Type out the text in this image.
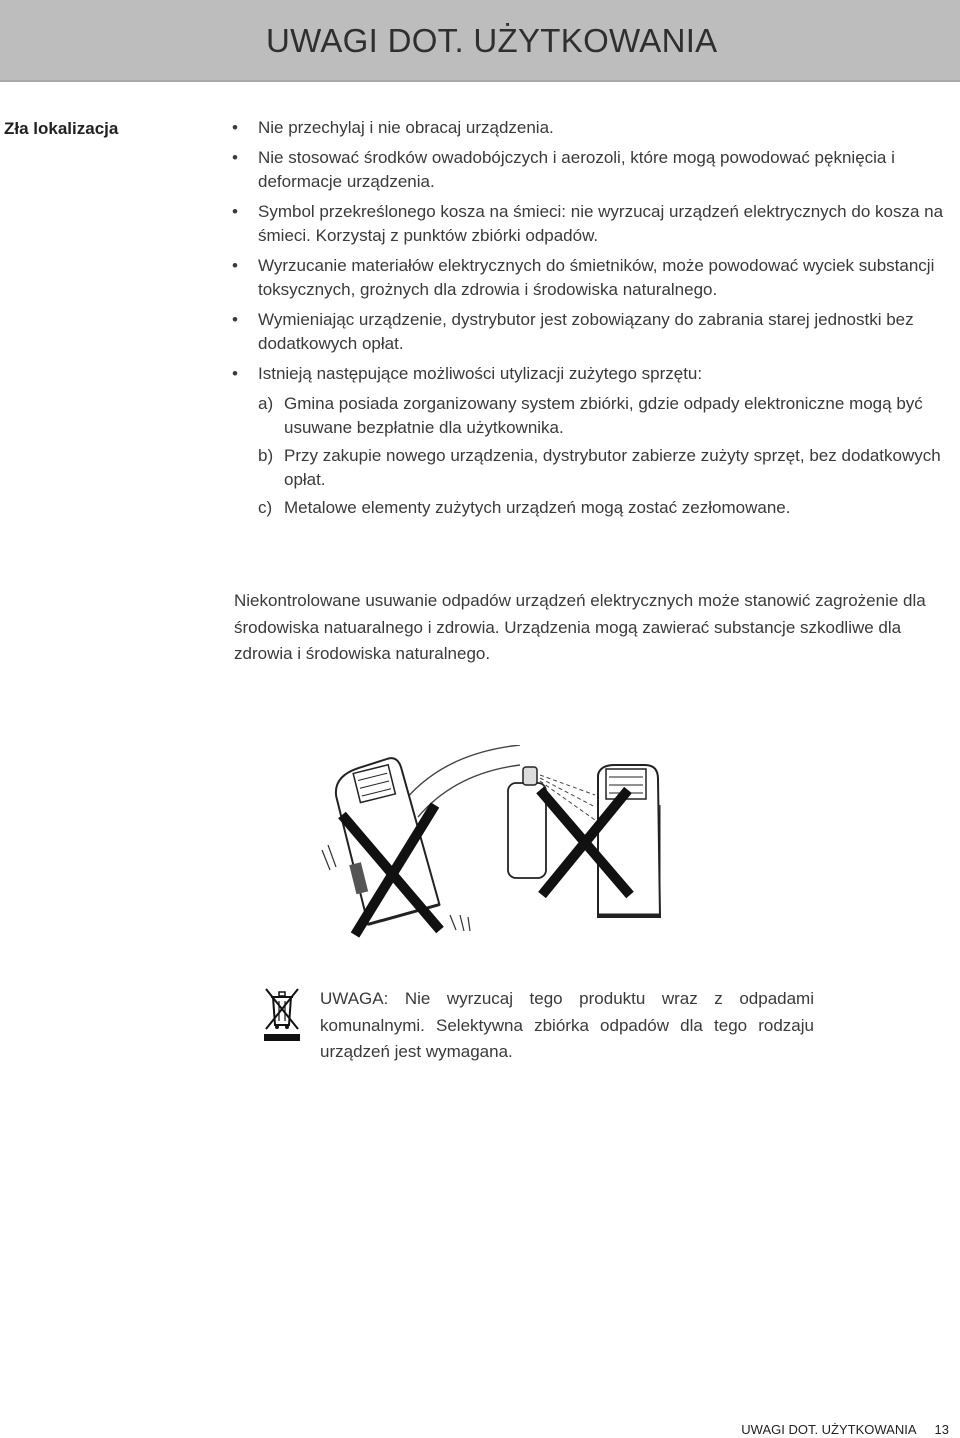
UWAGI DOT. UŻYTKOWANIA
Zła lokalizacja	• Nie przechylaj i nie obracaj urządzenia.
• Nie stosować środków owadobójczych i aerozoli, które mogą powodować pęknięcia i deformacje urządzenia.
• Symbol przekreślonego kosza na śmieci: nie wyrzucaj urządzeń elektrycznych do kosza na śmieci. Korzystaj z punktów zbiórki odpadów.
• Wyrzucanie materiałów elektrycznych do śmietników, może powodować wyciek substancji toksycznych, grożnych dla zdrowia i środowiska naturalnego.
• Wymieniając urządzenie, dystrybutor jest zobowiązany do zabrania starej jednostki bez dodatkowych opłat.
• Istnieją następujące możliwości utylizacji zużytego sprzętu:
a) Gmina posiada zorganizowany system zbiórki, gdzie odpady elektroniczne mogą być usuwane bezpłatnie dla użytkownika.
b) Przy zakupie nowego urządzenia, dystrybutor zabierze zużyty sprzęt, bez dodatkowych opłat.
c) Metalowe elementy zużytych urządzeń mogą zostać zezłomowane.
Niekontrolowane usuwanie odpadów urządzeń elektrycznych może stanowić zagrożenie dla środowiska natuaralnego i zdrowia. Urządzenia mogą zawierać substancje szkodliwe dla zdrowia i środowiska naturalnego.
UWAGA: Nie wyrzucaj tego produktu wraz z odpadami komunalnymi. Selektywna zbiórka odpadów dla tego rodzaju urządzeń jest wymagana.
UWAGI DOT. UŻYTKOWANIA 13
